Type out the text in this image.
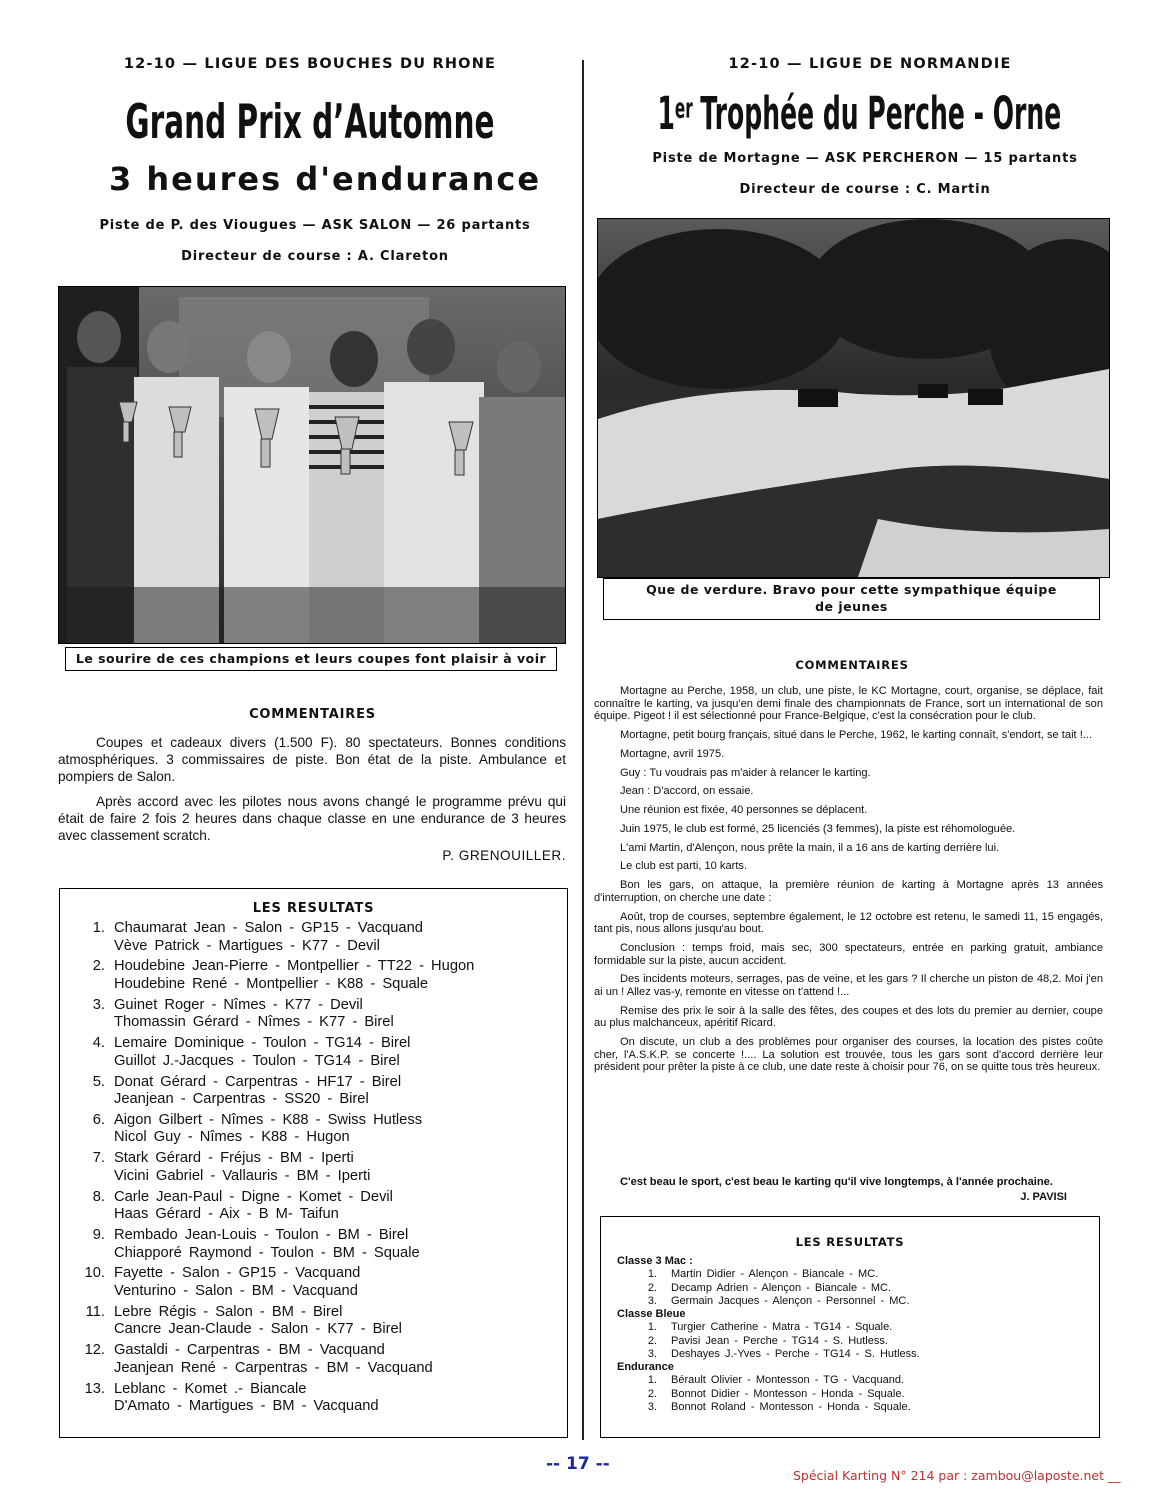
12-10 — LIGUE DES BOUCHES DU RHONE
Grand Prix d’Automne
3 heures d'endurance
Piste de P. des Viougues — ASK SALON — 26 partants
Directeur de course : A. Clareton
Le sourire de ces champions et leurs coupes font plaisir à voir
COMMENTAIRES

Coupes et cadeaux divers (1.500 F). 80 spectateurs. Bonnes conditions atmosphériques. 3 commissaires de piste. Bon état de la piste. Ambulance et pompiers de Salon.

Après accord avec les pilotes nous avons changé le programme prévu qui était de faire 2 fois 2 heures dans chaque classe en une endurance de 3 heures avec classement scratch.

P. GRENOUILLER.
LES RESULTATS
1. Chaumarat Jean - Salon - GP15 - Vacquand
Vève Patrick - Martigues - K77 - Devil
2. Houdebine Jean-Pierre - Montpellier - TT22 - Hugon
Houdebine René - Montpellier - K88 - Squale
3. Guinet Roger - Nîmes - K77 - Devil
Thomassin Gérard - Nîmes - K77 - Birel
4. Lemaire Dominique - Toulon - TG14 - Birel
Guillot J.-Jacques - Toulon - TG14 - Birel
5. Donat Gérard - Carpentras - HF17 - Birel
Jeanjean - Carpentras - SS20 - Birel
6. Aigon Gilbert - Nîmes - K88 - Swiss Hutless
Nicol Guy - Nîmes - K88 - Hugon
7. Stark Gérard - Fréjus - BM - Iperti
Vicini Gabriel - Vallauris - BM - Iperti
8. Carle Jean-Paul - Digne - Komet - Devil
Haas Gérard - Aix - B M- Taifun
9. Rembado Jean-Louis - Toulon - BM - Birel
Chiapporé Raymond - Toulon - BM - Squale
10. Fayette - Salon - GP15 - Vacquand
Venturino - Salon - BM - Vacquand
11. Lebre Régis - Salon - BM - Birel
Cancre Jean-Claude - Salon - K77 - Birel
12. Gastaldi - Carpentras - BM - Vacquand
Jeanjean René - Carpentras - BM - Vacquand
13. Leblanc - Komet .- Biancale
D'Amato - Martigues - BM - Vacquand
12-10 — LIGUE DE NORMANDIE
1er Trophée du Perche - Orne
Piste de Mortagne — ASK PERCHERON — 15 partants
Directeur de course : C. Martin
Que de verdure. Bravo pour cette sympathique équipe de jeunes
COMMENTAIRES

Mortagne au Perche, 1958, un club, une piste, le KC Mortagne, court, organise, se déplace, fait connaître le karting, va jusqu'en demi finale des championnats de France, sort un international de son équipe. Pigeot ! il est sélectionné pour France-Belgique, c'est la consécration pour le club.

Mortagne, petit bourg français, situé dans le Perche, 1962, le karting connaît, s'endort, se tait !...

Mortagne, avril 1975.

Guy : Tu voudrais pas m'aider à relancer le karting.

Jean : D'accord, on essaie.

Une réunion est fixée, 40 personnes se déplacent.

Juin 1975, le club est formé, 25 licenciés (3 femmes), la piste est réhomologuée.

L'ami Martin, d'Alençon, nous prête la main, il a 16 ans de karting derrière lui.

Le club est parti, 10 karts.

Bon les gars, on attaque, la première réunion de karting à Mortagne après 13 années d'interruption, on cherche une date :

Août, trop de courses, septembre également, le 12 octobre est retenu, le samedi 11, 15 engagés, tant pis, nous allons jusqu'au bout.

Conclusion : temps froid, mais sec, 300 spectateurs, entrée en parking gratuit, ambiance formidable sur la piste, aucun accident.

Des incidents moteurs, serrages, pas de veine, et les gars ? Il cherche un piston de 48,2. Moi j'en ai un ! Allez vas-y, remonte en vitesse on t'attend !...

Remise des prix le soir à la salle des fêtes, des coupes et des lots du premier au dernier, coupe au plus malchanceux, apéritif Ricard.

On discute, un club a des problèmes pour organiser des courses, la location des pistes coûte cher, l'A.S.K.P. se concerte !.... La solution est trouvée, tous les gars sont d'accord derrière leur président pour prêter la piste à ce club, une date reste à choisir pour 76, on se quitte tous très heureux.

C'est beau le sport, c'est beau le karting qu'il vive longtemps, à l'année prochaine.

J. PAVISI
LES RESULTATS
Classe 3 Mac :
1.	Martin Didier - Alençon - Biancale - MC.
2.	Decamp Adrien - Alençon - Biancale - MC.
3.	Germain Jacques - Alençon - Personnel - MC.
Classe Bleue
1.	Turgier Catherine - Matra - TG14 - Squale.
2.	Pavisi Jean - Perche - TG14 - S. Hutless.
3.	Deshayes J.-Yves - Perche - TG14 - S. Hutless.
Endurance
1.	Bérault Olivier - Montesson - TG - Vacquand.
2.	Bonnot Didier - Montesson - Honda - Squale.
3.	Bonnot Roland - Montesson - Honda - Squale.
-- 17 --
Spécial Karting N° 214 par : zambou@laposte.net __
